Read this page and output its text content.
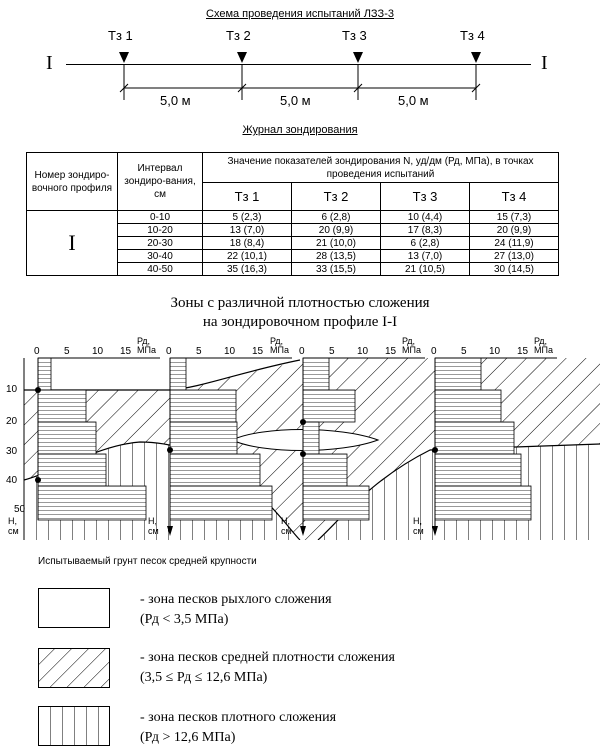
Схема проведения испытаний ЛЗЗ-3
I	I
Тз 1	Тз 2	Тз 3	Тз 4
5,0 м	5,0 м	5,0 м
Журнал зондирования
Номер зондиро-вочного профиля	Интервал зондиро-вания, см	Значение показателей зондирования N, уд/дм (Рд, МПа), в точках проведения испытаний			
		Тз 1	Тз 2	Тз 3	Тз 4
I	0-10	5 (2,3)	6 (2,8)	10 (4,4)	15 (7,3)
	10-20	13 (7,0)	20 (9,9)	17 (8,3)	20 (9,9)
	20-30	18 (8,4)	21 (10,0)	6 (2,8)	24 (11,9)
	30-40	22 (10,1)	28 (13,5)	13 (7,0)	27 (13,0)
	40-50	35 (16,3)	33 (15,5)	21 (10,5)	30 (14,5)
Зоны с различной плотностью сложения
на зондировочном профиле I-I
0 5 10 15
Рд,
МПа 0 5 10 15
Рд,
МПа 0 5 10 15
Рд,
МПа 0 5 10 15
Рд,
МПа
10
20
30
40
50
Н,
см
Н,
см
Н,
см
Н,
см
Испытываемый грунт песок средней крупности
- зона песков рыхлого сложения
(Рд < 3,5 МПа)
- зона песков средней плотности сложения
(3,5 ≤ Рд ≤ 12,6 МПа)
- зона песков плотного сложения
(Рд > 12,6 МПа)
